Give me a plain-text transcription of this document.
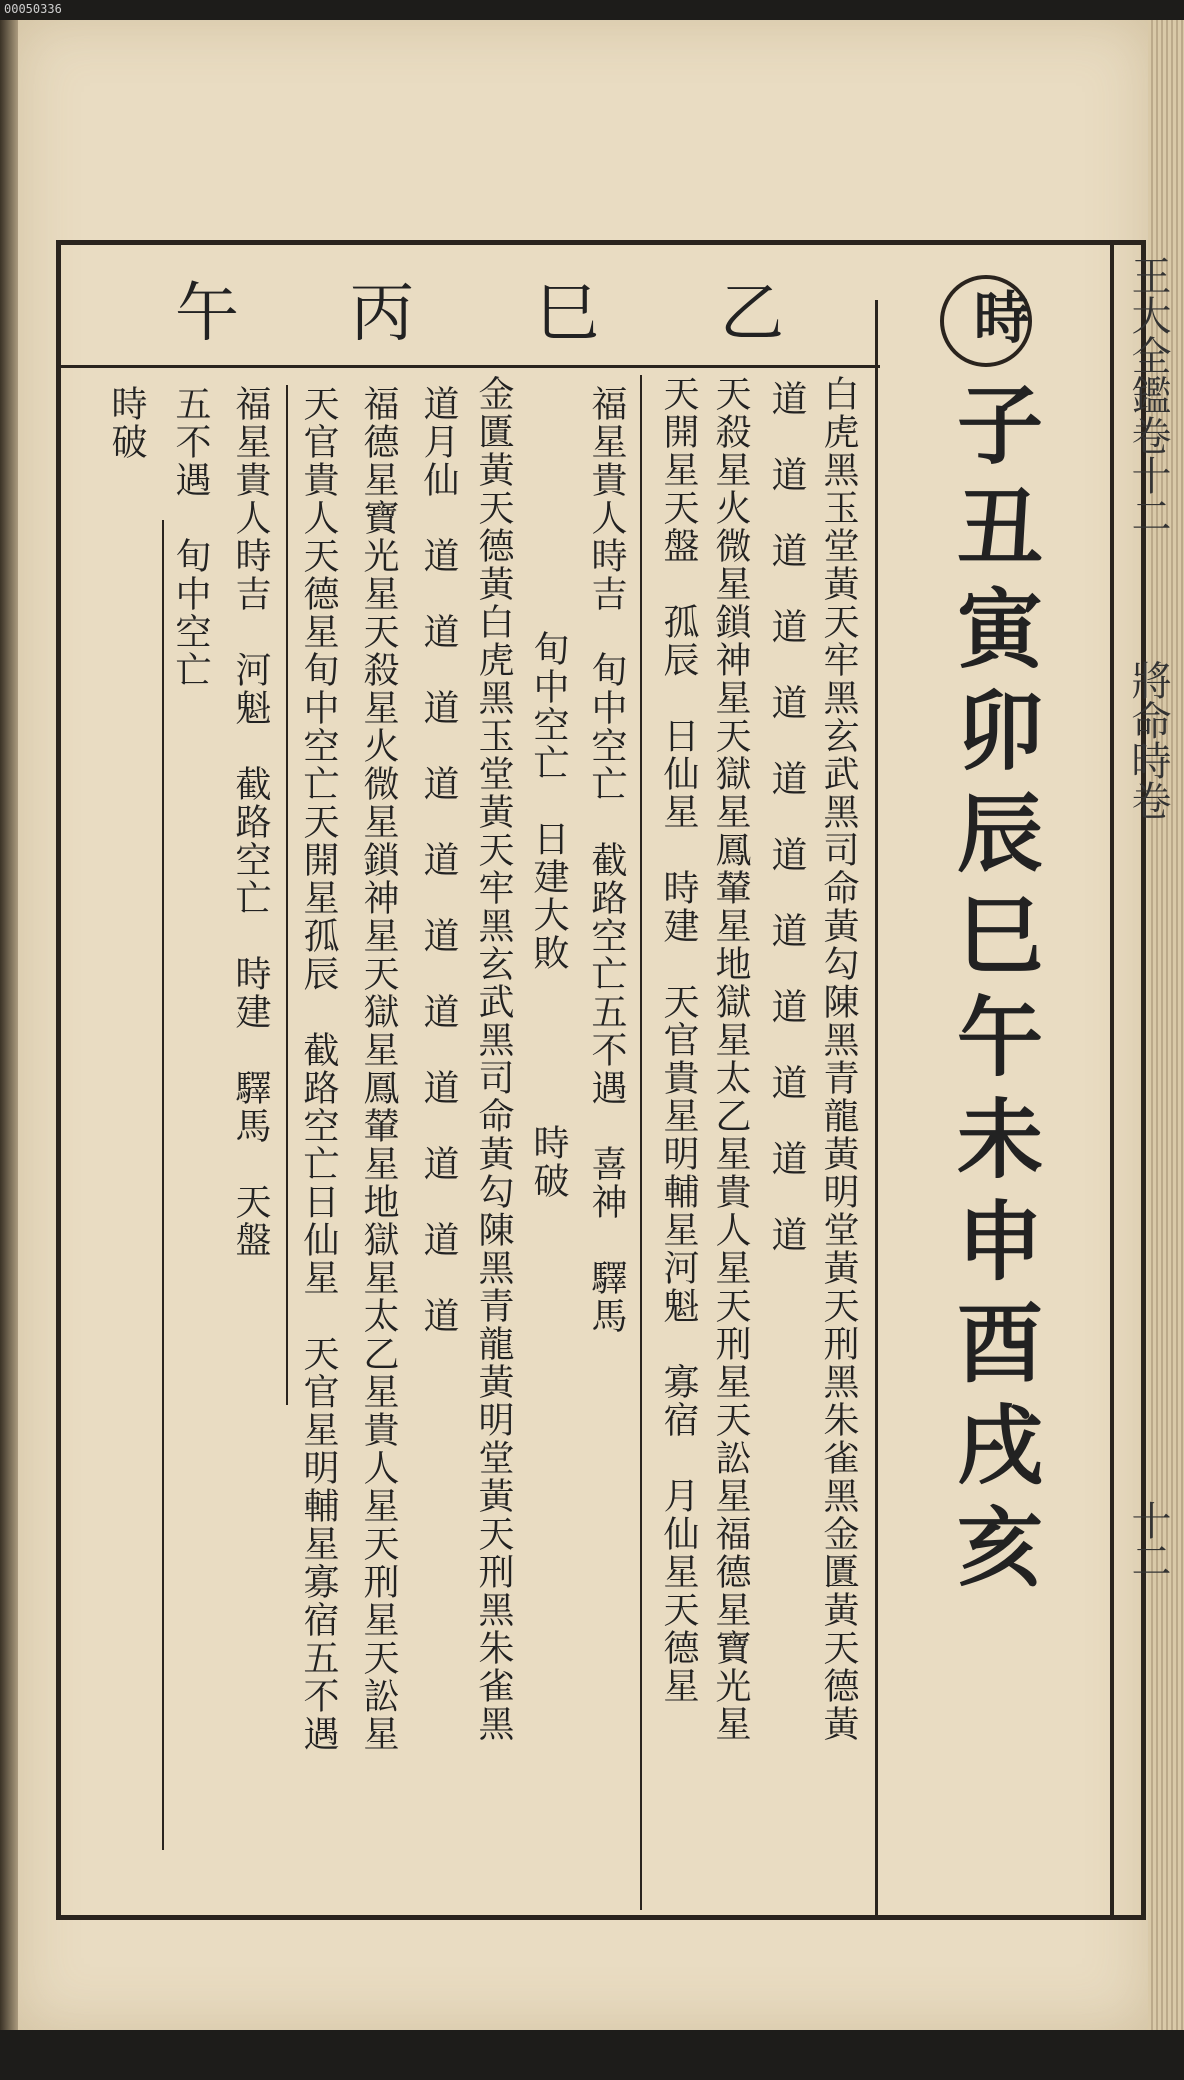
00050336
王大全鑑卷十二
將命時卷
十二
時
子丑寅卯辰巳午未申酉戌亥
乙
巳
丙
午
白虎黑玉堂黃天牢黑玄武黑司命黃勾陳黑青龍黃明堂黃天刑黑朱雀黑金匱黃天德黃
道　道　道　道　道　道　道　道　道　道　道　道
天殺星火微星鎖神星天獄星鳳輦星地獄星太乙星貴人星天刑星天訟星福德星寶光星
天開星天盤　孤辰　日仙星　時建　天官貴星明輔星河魁　寡宿　月仙星天德星
福星貴人時吉　旬中空亡　截路空亡五不遇　喜神　驛馬
旬中空亡　日建大敗　　　　時破
金匱黃天德黃白虎黑玉堂黃天牢黑玄武黑司命黃勾陳黑青龍黃明堂黃天刑黑朱雀黑
道月仙　道　道　道　道　道　道　道　道　道　道　道
福德星寶光星天殺星火微星鎖神星天獄星鳳輦星地獄星太乙星貴人星天刑星天訟星
天官貴人天德星旬中空亡天開星孤辰　截路空亡日仙星　天官星明輔星寡宿五不遇
福星貴人時吉　河魁　截路空亡　時建　驛馬　天盤
五不遇　旬中空亡
時破
